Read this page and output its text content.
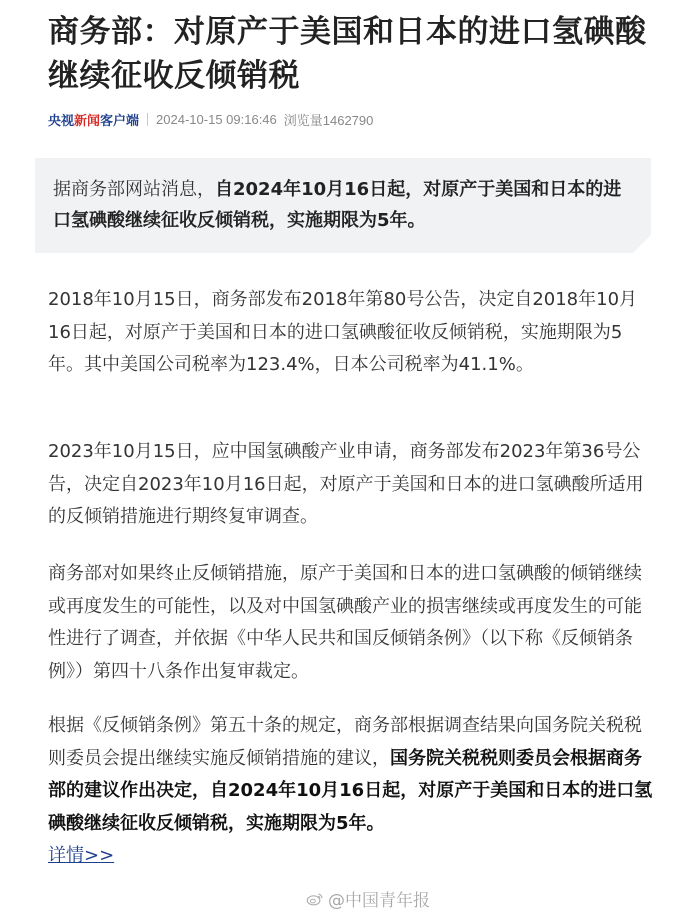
商务部：对原产于美国和日本的进口氢碘酸继续征收反倾销税
央视 新闻 客户端 2024-10-15 09:16:46 浏览量1462790
据商务部网站消息，自2024年10月16日起，对原产于美国和日本的进口氢碘酸继续征收反倾销税，实施期限为5年。

2018年10月15日，商务部发布2018年第80号公告，决定自2018年10月16日起，对原产于美国和日本的进口氢碘酸征收反倾销税，实施期限为5年。其中美国公司税率为123.4%，日本公司税率为41.1%。

2023年10月15日，应中国氢碘酸产业申请，商务部发布2023年第36号公告，决定自2023年10月16日起，对原产于美国和日本的进口氢碘酸所适用的反倾销措施进行期终复审调查。

商务部对如果终止反倾销措施，原产于美国和日本的进口氢碘酸的倾销继续或再度发生的可能性，以及对中国氢碘酸产业的损害继续或再度发生的可能性进行了调查，并依据《中华人民共和国反倾销条例》（以下称《反倾销条例》）第四十八条作出复审裁定。

根据《反倾销条例》第五十条的规定，商务部根据调查结果向国务院关税税则委员会提出继续实施反倾销措施的建议，国务院关税税则委员会根据商务部的建议作出决定，自2024年10月16日起，对原产于美国和日本的进口氢碘酸继续征收反倾销税，实施期限为5年。
详情>>

@中国青年报
